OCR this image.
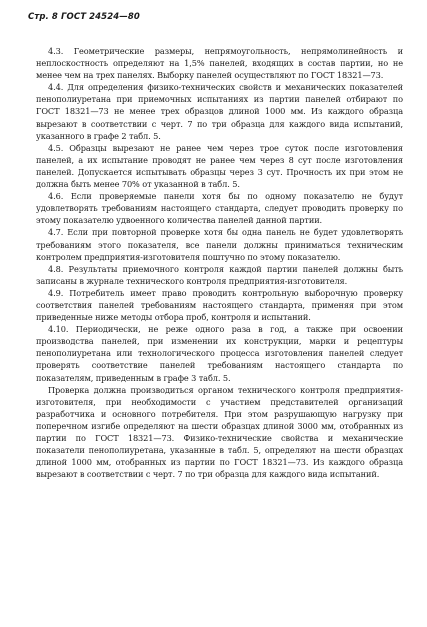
Стр. 8 ГОСТ 24524—80

4.3. Геометрические размеры, непрямоугольность, непрямолинейность и неплоскостность определяют на 1,5% панелей, входящих в состав партии, но не менее чем на трех панелях. Выборку панелей осуществляют по ГОСТ 18321—73.

4.4. Для определения физико-технических свойств и механических показателей пенополиуретана при приемочных испытаниях из партии панелей отбирают по ГОСТ 18321—73 не менее трех образцов длиной 1000 мм. Из каждого образца вырезают в соответствии с черт. 7 по три образца для каждого вида испытаний, указанного в графе 2 табл. 5.

4.5. Образцы вырезают не ранее чем через трое суток после изготовления панелей, а их испытание проводят не ранее чем через 8 сут после изготовления панелей. Допускается испытывать образцы через 3 сут. Прочность их при этом не должна быть менее 70% от указанной в табл. 5.

4.6. Если проверяемые панели хотя бы по одному показателю не будут удовлетворять требованиям настоящего стандарта, следует проводить проверку по этому показателю удвоенного количества панелей данной партии.

4.7. Если при повторной проверке хотя бы одна панель не будет удовлетворять требованиям этого показателя, все панели должны приниматься техническим контролем предприятия-изготовителя поштучно по этому показателю.

4.8. Результаты приемочного контроля каждой партии панелей должны быть записаны в журнале технического контроля предприятия-изготовителя.

4.9. Потребитель имеет право проводить контрольную выборочную проверку соответствия панелей требованиям настоящего стандарта, применяя при этом приведенные ниже методы отбора проб, контроля и испытаний.

4.10. Периодически, не реже одного раза в год, а также при освоении производства панелей, при изменении их конструкции, марки и рецептуры пенополиуретана или технологического процесса изготовления панелей следует проверять соответствие панелей требованиям настоящего стандарта по показателям, приведенным в графе 3 табл. 5.

Проверка должна производиться органом технического контроля предприятия-изготовителя, при необходимости с участием представителей организаций разработчика и основного потребителя. При этом разрушающую нагрузку при поперечном изгибе определяют на шести образцах длиной 3000 мм, отобранных из партии по ГОСТ 18321—73. Физико-технические свойства и механические показатели пенополиуретана, указанные в табл. 5, определяют на шести образцах длиной 1000 мм, отобранных из партии по ГОСТ 18321—73. Из каждого образца вырезают в соответствии с черт. 7 по три образца для каждого вида испытаний.
